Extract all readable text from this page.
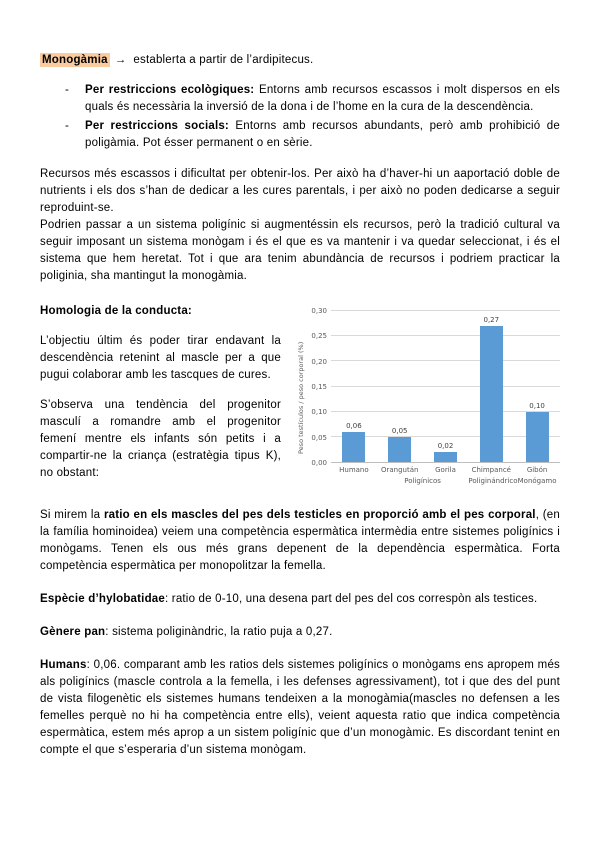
Monogàmia → establerta a partir de l’ardipitecus.
-	Per restriccions ecològiques: Entorns amb recursos escassos i molt dispersos en els quals és necessària la inversió de la dona i de l’home en la cura de la descendència.
-	Per restriccions socials: Entorns amb recursos abundants, però amb prohibició de poligàmia. Pot ésser permanent o en sèrie.
Recursos més escassos i dificultat per obtenir-los. Per això ha d’haver-hi un aaportació doble de nutrients i els dos s’han de dedicar a les cures parentals, i per això no poden dedicarse a seguir reproduint-se.
Podrien passar a un sistema poligínic si augmentéssin els recursos, però la tradició cultural va seguir imposant un sistema monògam i és el que es va mantenir i va quedar seleccionat, i és el sistema que hem heretat. Tot i que ara tenim abundància de recursos i podriem practicar la poliginia, sha mantingut la monogàmia.
Peso testículos / peso corporal (%)
0,00
0,05
0,10
0,15
0,20
0,25
0,30
0,06
0,05
0,02
0,27
0,10
Humano	Orangután	Gorila	Chimpancé	Gibón
Poligínicos	Poliginándrico Monógamo
Homologia de la conducta:
L’objectiu últim és poder tirar endavant la descendència retenint al mascle per a que pugui colaborar amb les tascques de cures.
S’observa una tendència del progenitor masculí a romandre amb el progenitor femení mentre els infants són petits i a compartir-ne la criança (estratègia tipus K), no obstant:
Si mirem la ratio en els mascles del pes dels testicles en proporció amb el pes corporal, (en la família hominoidea) veiem una competència espermàtica intermèdia entre sistemes poligínics i monògams. Tenen els ous més grans depenent de la dependència espermàtica. Forta competència espermàtica per monopolitzar la femella.
Espècie d’hylobatidae: ratio de 0-10, una desena part del pes del cos correspòn als testices.
Gènere pan: sistema poliginàndric, la ratio puja a 0,27.
Humans: 0,06. comparant amb les ratios dels sistemes poligínics o monògams ens apropem més als poligínics (mascle controla a la femella, i les defenses agressivament), tot i que des del punt de vista filogenètic els sistemes humans tendeixen a la monogàmia(mascles no defensen a les femelles perquè no hi ha competència entre ells), veient aquesta ratio que indica competència espermàtica, estem més aprop a un sistem poligínic que d’un monogàmic. Es discordant tenint en compte el que s’esperaria d’un sistema monògam.
